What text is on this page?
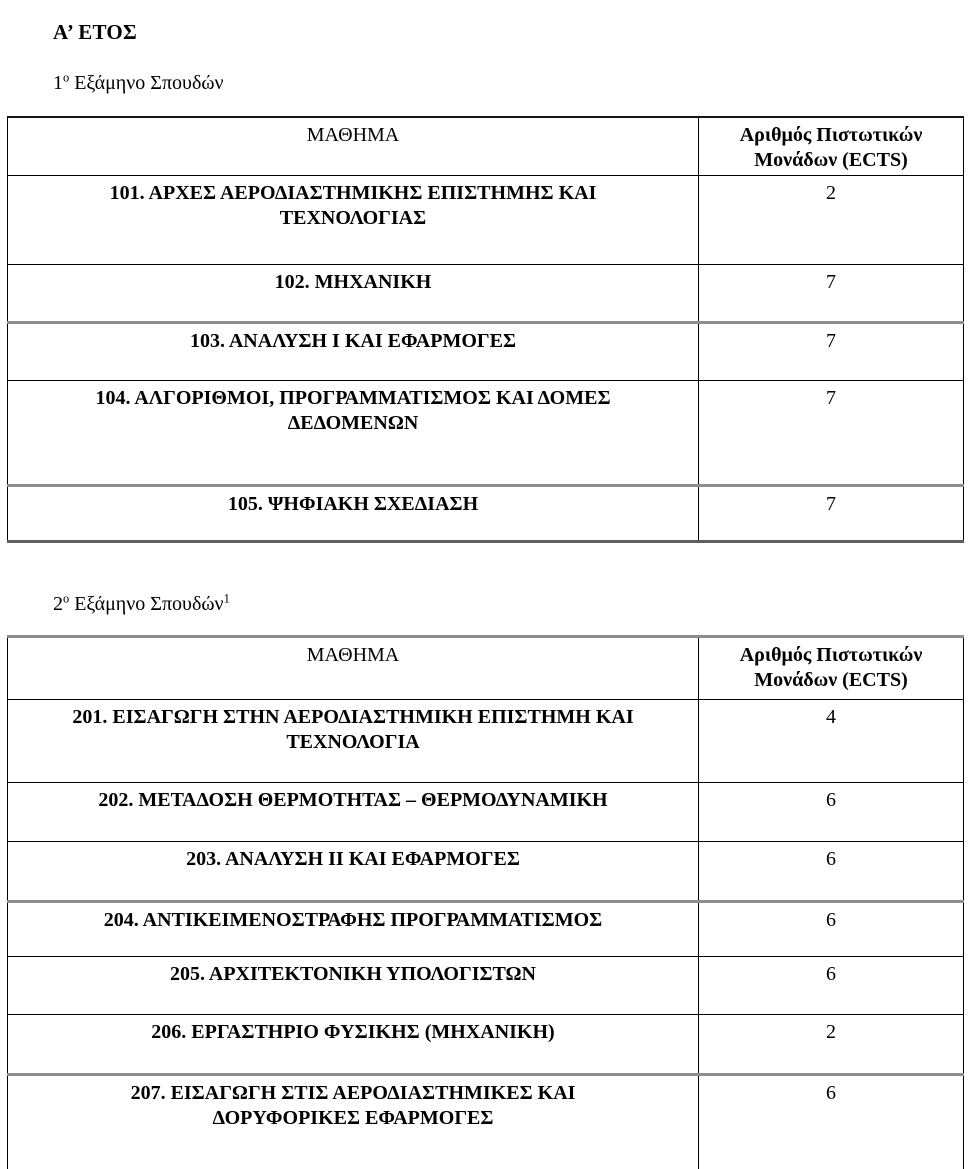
Α’ ΕΤΟΣ

$1^o$ Εξάμηνο Σπουδών

ΜΑΘΗΜΑ	Αριθμός Πιστωτικών Μονάδων (ECTS)

101. ΑΡΧΕΣ ΑΕΡΟΔΙΑΣΤΗΜΙΚΗΣ ΕΠΙΣΤΗΜΗΣ ΚΑΙ ΤΕΧΝΟΛΟΓΙΑΣ	2

102. ΜΗΧΑΝΙΚΗ	7

103. ΑΝΑΛΥΣΗ Ι ΚΑΙ ΕΦΑΡΜΟΓΕΣ	7

104. ΑΛΓΟΡΙΘΜΟΙ, ΠΡΟΓΡΑΜΜΑΤΙΣΜΟΣ ΚΑΙ ΔΟΜΕΣ ΔΕΔΟΜΕΝΩΝ	7

105. ΨΗΦΙΑΚΗ ΣΧΕΔΙΑΣΗ	7

$2^o$ Εξάμηνο Σπουδών$^1$

ΜΑΘΗΜΑ	Αριθμός Πιστωτικών Μονάδων (ECTS)

201. ΕΙΣΑΓΩΓΗ ΣΤΗΝ ΑΕΡΟΔΙΑΣΤΗΜΙΚΗ ΕΠΙΣΤΗΜΗ ΚΑΙ ΤΕΧΝΟΛΟΓΙΑ	4

202. ΜΕΤΑΔΟΣΗ ΘΕΡΜΟΤΗΤΑΣ – ΘΕΡΜΟΔΥΝΑΜΙΚΗ	6

203. ΑΝΑΛΥΣΗ ΙΙ ΚΑΙ ΕΦΑΡΜΟΓΕΣ	6

204. ΑΝΤΙΚΕΙΜΕΝΟΣΤΡΑΦΗΣ ΠΡΟΓΡΑΜΜΑΤΙΣΜΟΣ	6

205. ΑΡΧΙΤΕΚΤΟΝΙΚΗ ΥΠΟΛΟΓΙΣΤΩΝ	6

206. ΕΡΓΑΣΤΗΡΙΟ ΦΥΣΙΚΗΣ (ΜΗΧΑΝΙΚΗ)	2

207. ΕΙΣΑΓΩΓΗ ΣΤΙΣ ΑΕΡΟΔΙΑΣΤΗΜΙΚΕΣ ΚΑΙ ΔΟΡΥΦΟΡΙΚΕΣ ΕΦΑΡΜΟΓΕΣ	6
